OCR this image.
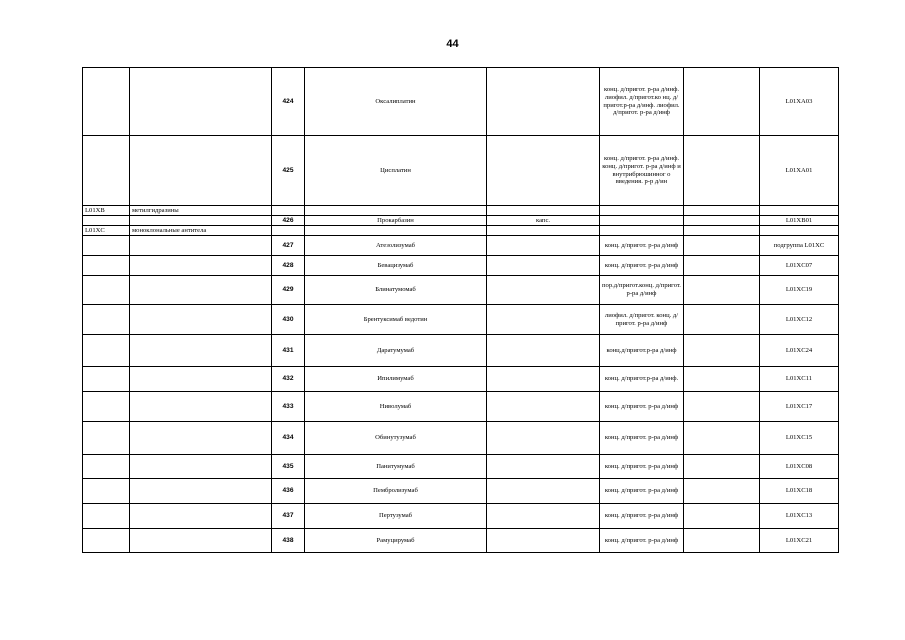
44
		424	Оксалиплатин		конц. д/пригот. р-ра д/инф. лиофил. д/пригот.ко нц. д/пригот.р-ра д/инф. лиофил. д/пригот. р-ра д/инф		L01XA03
		425	Цисплатин		конц. д/пригот. р-ра д/инф. конц. д/пригот. р-ра д/инф и внутрибрюшинног о введения. р-р д/ин		L01XA01
L01XB	метилгидразины						
		426	Прокарбазин	капс.			L01XB01
L01XC	моноклональные антитела						
		427	Атезолизумаб		конц. д/пригот. р-ра д/инф		подгруппа L01XC
		428	Бевацизумаб		конц. д/пригот. р-ра д/инф		L01XC07
		429	Блинатумомаб		пор.д/пригот.конц. д/пригот. р-ра д/инф		L01XC19
		430	Брентуксимаб ведотин		лиофил. д/пригот. конц. д/пригот. р-ра д/инф		L01XC12
		431	Даратумумаб		конц.д/пригот.р-ра д/инф		L01XC24
		432	Ипилимумаб		конц. д/пригот.р-ра д/инф.		L01XC11
		433	Ниволумаб		конц. д/пригот. р-ра д/инф		L01XC17
		434	Обинутузумаб		конц. д/пригот. р-ра д/инф		L01XC15
		435	Панитумумаб		конц. д/пригот. р-ра д/инф		L01XC08
		436	Пембролизумаб		конц. д/пригот. р-ра д/инф		L01XC18
		437	Пертузумаб		конц. д/пригот. р-ра д/инф		L01XC13
		438	Рамуцирумаб		конц. д/пригот. р-ра д/инф		L01XC21
